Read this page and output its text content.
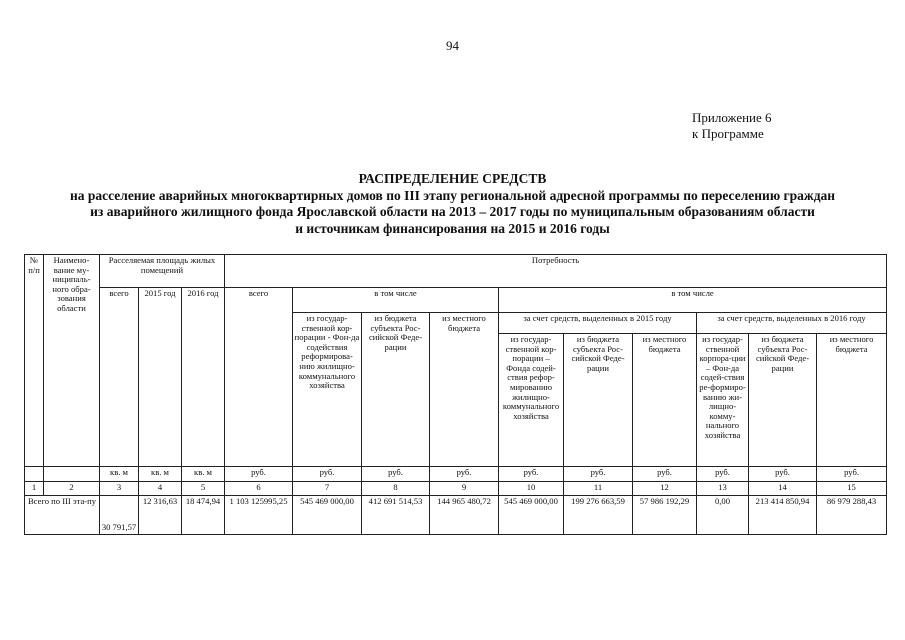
94
Приложение 6
к Программе
РАСПРЕДЕЛЕНИЕ СРЕДСТВ
на расселение аварийных многоквартирных домов по III этапу региональной адресной программы по переселению граждан
из аварийного жилищного фонда Ярославской области на 2013 – 2017 годы по муниципальным образованиям области
и источникам финансирования на 2015 и 2016 годы
№ п/п	Наимено-вание му-ниципаль-ного обра-зования области	Расселяемая площадь жилых помещений			Потребность									
		всего	2015 год	2016 год	всего	в том числе			в том числе					
						из государ-ственной кор-порации - Фон-да содействия реформирова-нию жилищно-коммунального хозяйства	из бюджета субъекта Рос-сийской Феде-рации	из местного бюджета	за счет средств, выделенных в 2015 году			за счет средств, выделенных в 2016 году		
									из государ-ственной кор-порации – Фонда содей-ствия рефор-мированию жилищно-коммунального хозяйства	из бюджета субъекта Рос-сийской Феде-рации	из местного бюджета	из государ-ственной корпора-ции – Фон-да содей-ствия ре-формиро-ванию жи-лищно-комму-нального хозяйства	из бюджета субъекта Рос-сийской Феде-рации	из местного бюджета

		кв. м	кв. м	кв. м	руб.	руб.	руб.	руб.	руб.	руб.	руб.	руб.	руб.	руб.
1	2	3	4	5	6	7	8	9	10	11	12	13	14	15
Всего по III эта-пу		30 791,57	12 316,63	18 474,94	1 103 125995,25	545 469 000,00	412 691 514,53	144 965 480,72	545 469 000,00	199 276 663,59	57 986 192,29	0,00	213 414 850,94	86 979 288,43
